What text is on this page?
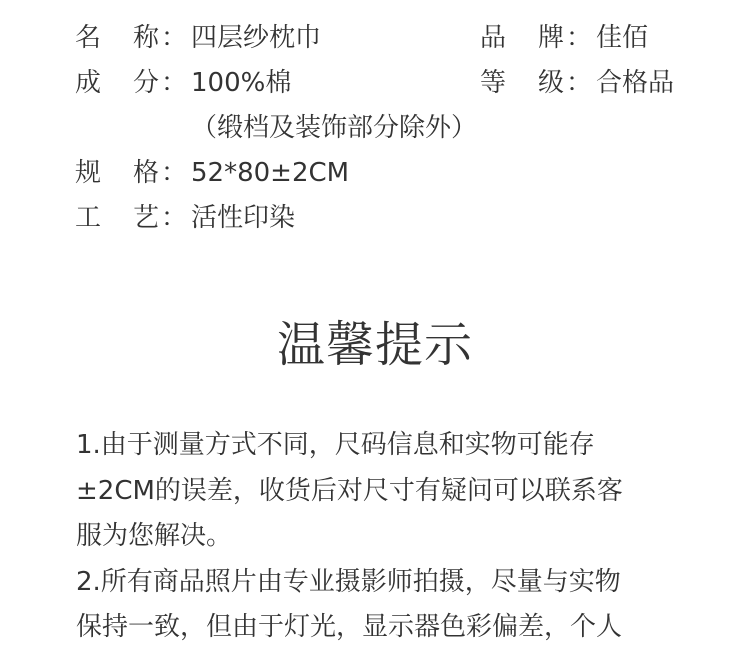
名 称 ： 四层纱枕巾	品 牌 ： 佳佰
成 分 ： 100%棉	等 级 ： 合格品
（缎档及装饰部分除外）
规 格 ： 52*80±2CM
工 艺 ： 活性印染
温馨提示
1.由于测量方式不同，尺码信息和实物可能存
±2CM的误差，收货后对尺寸有疑问可以联系客
服为您解决。
2.所有商品照片由专业摄影师拍摄，尽量与实物
保持一致，但由于灯光，显示器色彩偏差，个人
